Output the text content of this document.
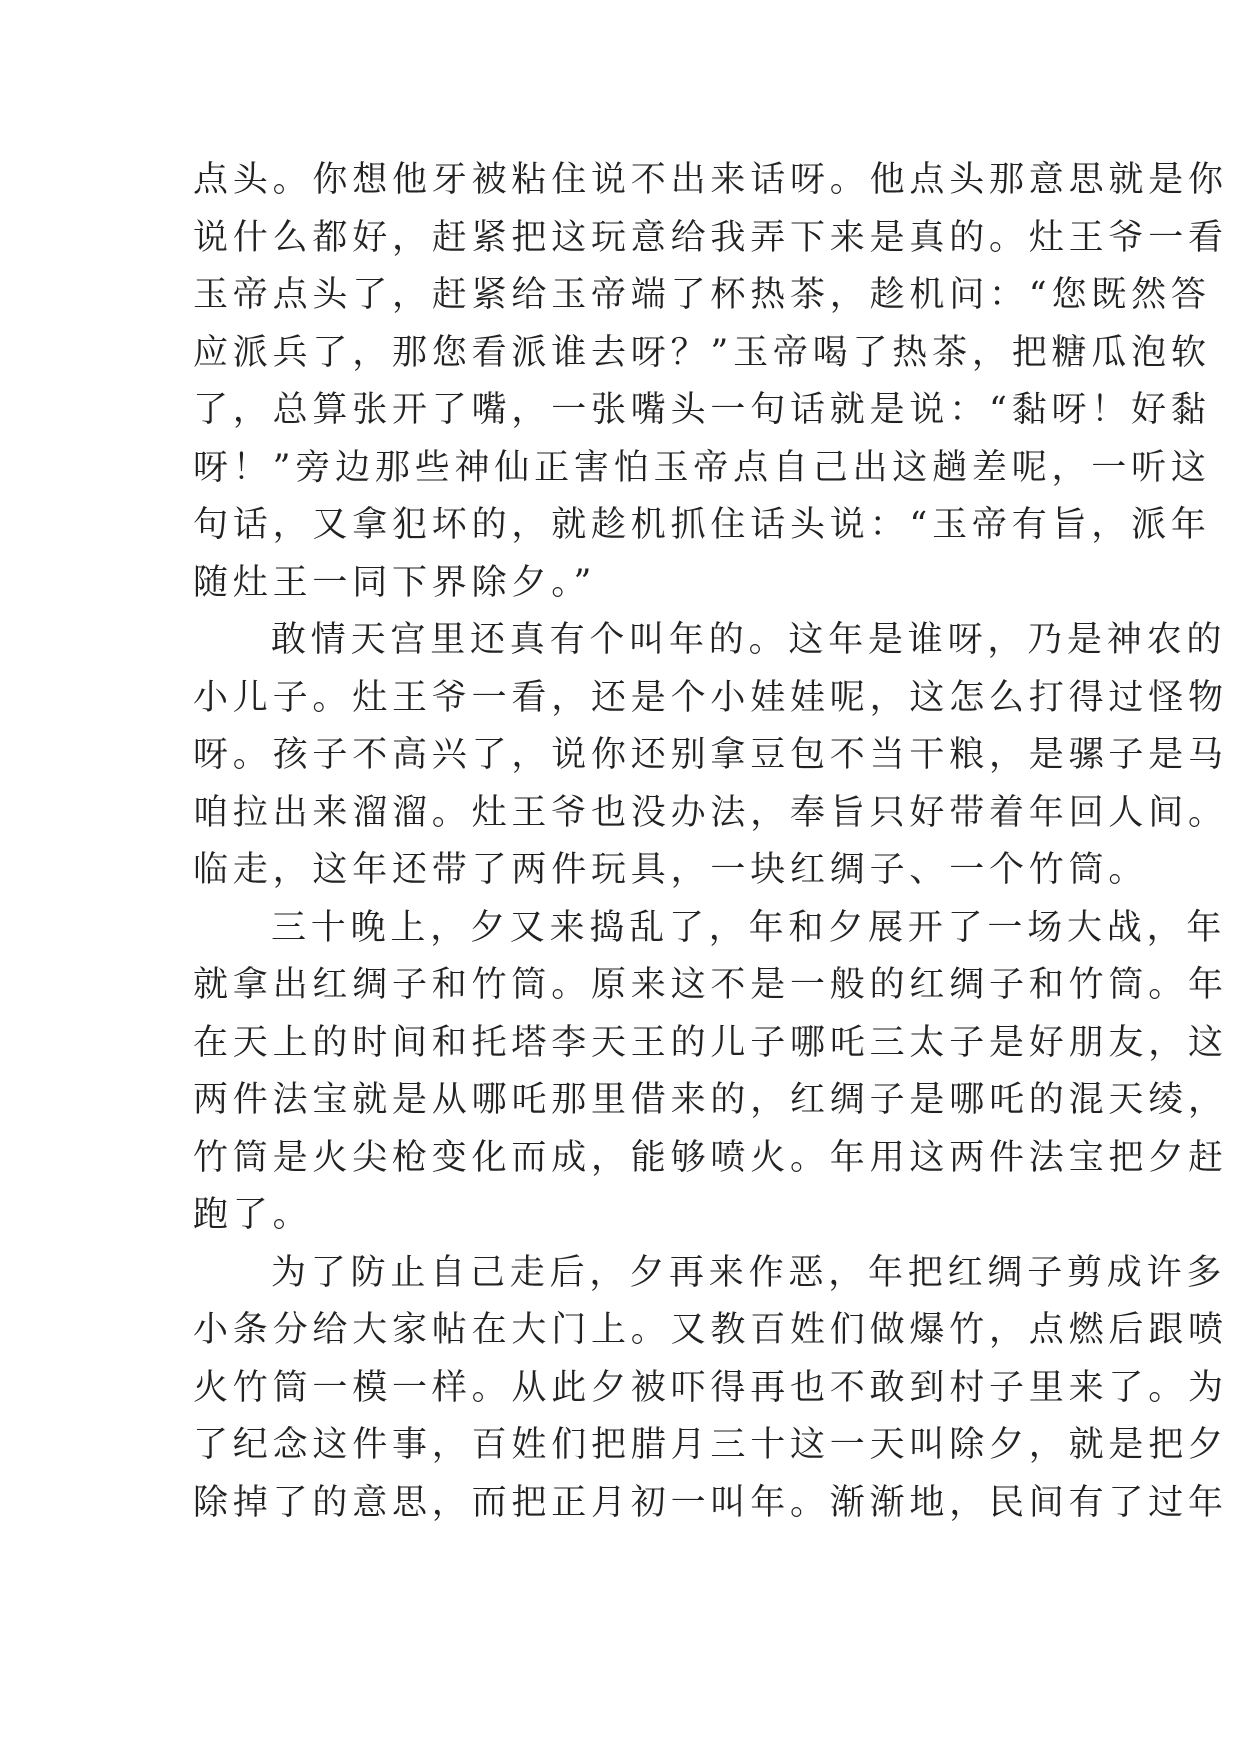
点头。你想他牙被粘住说不出来话呀。他点头那意思就是你
说什么都好，赶紧把这玩意给我弄下来是真的。灶王爷一看
玉帝点头了，赶紧给玉帝端了杯热茶，趁机问：“您既然答
应派兵了，那您看派谁去呀？”玉帝喝了热茶，把糖瓜泡软
了，总算张开了嘴，一张嘴头一句话就是说：“黏呀！好黏
呀！”旁边那些神仙正害怕玉帝点自己出这趟差呢，一听这
句话，又拿犯坏的，就趁机抓住话头说：“玉帝有旨，派年
随灶王一同下界除夕。”
敢情天宫里还真有个叫年的。这年是谁呀，乃是神农的
小儿子。灶王爷一看，还是个小娃娃呢，这怎么打得过怪物
呀。孩子不高兴了，说你还别拿豆包不当干粮，是骡子是马
咱拉出来溜溜。灶王爷也没办法，奉旨只好带着年回人间。
临走，这年还带了两件玩具，一块红绸子、一个竹筒。
三十晚上，夕又来捣乱了，年和夕展开了一场大战，年
就拿出红绸子和竹筒。原来这不是一般的红绸子和竹筒。年
在天上的时间和托塔李天王的儿子哪吒三太子是好朋友，这
两件法宝就是从哪吒那里借来的，红绸子是哪吒的混天绫，
竹筒是火尖枪变化而成，能够喷火。年用这两件法宝把夕赶
跑了。
为了防止自己走后，夕再来作恶，年把红绸子剪成许多
小条分给大家帖在大门上。又教百姓们做爆竹，点燃后跟喷
火竹筒一模一样。从此夕被吓得再也不敢到村子里来了。为
了纪念这件事，百姓们把腊月三十这一天叫除夕，就是把夕
除掉了的意思，而把正月初一叫年。渐渐地，民间有了过年
